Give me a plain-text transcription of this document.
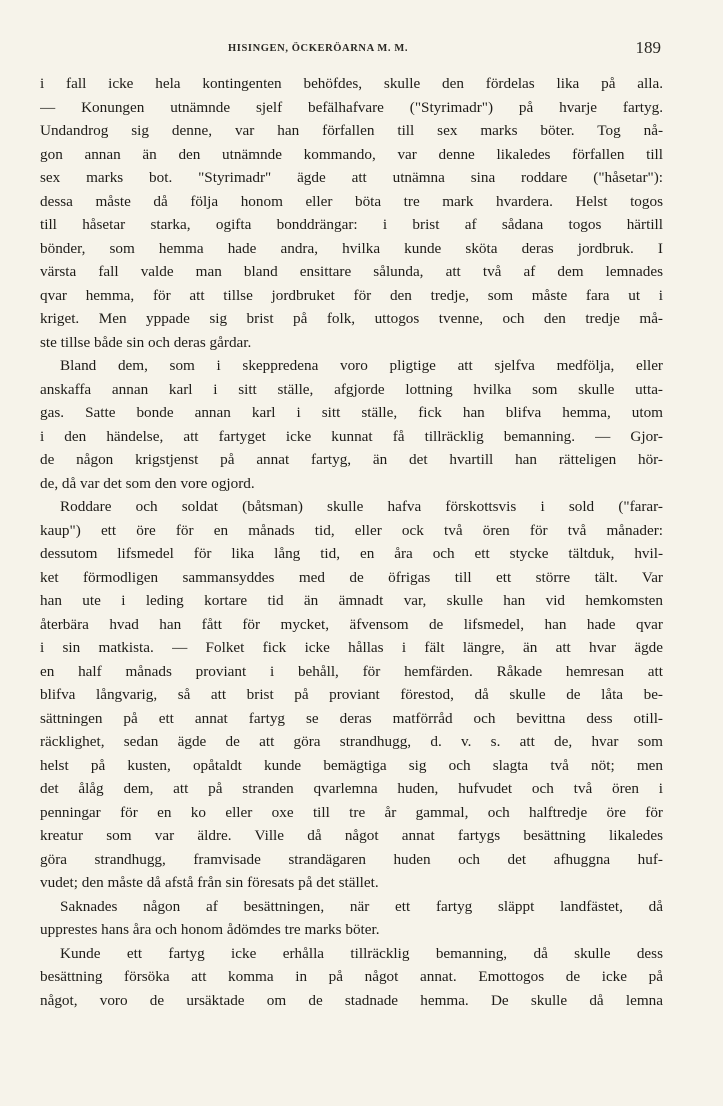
HISINGEN, ÖCKERÖARNA M. M.	189
i fall icke hela kontingenten behöfdes, skulle den fördelas lika på alla.
— Konungen utnämnde sjelf befälhafvare ("Styrimadr") på hvarje fartyg.
Undandrog sig denne, var han förfallen till sex marks böter. Tog nå-
gon annan än den utnämnde kommando, var denne likaledes förfallen till
sex marks bot. "Styrimadr" ägde att utnämna sina roddare ("håsetar"):
dessa måste då följa honom eller böta tre mark hvardera. Helst togos
till håsetar starka, ogifta bonddrängar: i brist af sådana togos härtill
bönder, som hemma hade andra, hvilka kunde sköta deras jordbruk. I
värsta fall valde man bland ensittare sålunda, att två af dem lemnades
qvar hemma, för att tillse jordbruket för den tredje, som måste fara ut i
kriget. Men yppade sig brist på folk, uttogos tvenne, och den tredje må-
ste tillse både sin och deras gårdar.
Bland dem, som i skeppredena voro pligtige att sjelfva medfölja, eller
anskaffa annan karl i sitt ställe, afgjorde lottning hvilka som skulle utta-
gas. Satte bonde annan karl i sitt ställe, fick han blifva hemma, utom
i den händelse, att fartyget icke kunnat få tillräcklig bemanning. — Gjor-
de någon krigstjenst på annat fartyg, än det hvartill han rätteligen hör-
de, då var det som den vore ogjord.
Roddare och soldat (båtsman) skulle hafva förskottsvis i sold ("farar-
kaup") ett öre för en månads tid, eller ock två ören för två månader:
dessutom lifsmedel för lika lång tid, en åra och ett stycke tältduk, hvil-
ket förmodligen sammansyddes med de öfrigas till ett större tält. Var
han ute i leding kortare tid än ämnadt var, skulle han vid hemkomsten
återbära hvad han fått för mycket, äfvensom de lifsmedel, han hade qvar
i sin matkista. — Folket fick icke hållas i fält längre, än att hvar ägde
en half månads proviant i behåll, för hemfärden. Råkade hemresan att
blifva långvarig, så att brist på proviant förestod, då skulle de låta be-
sättningen på ett annat fartyg se deras matförråd och bevittna dess otill-
räcklighet, sedan ägde de att göra strandhugg, d. v. s. att de, hvar som
helst på kusten, opåtaldt kunde bemägtiga sig och slagta två nöt; men
det ålåg dem, att på stranden qvarlemna huden, hufvudet och två ören i
penningar för en ko eller oxe till tre år gammal, och halftredje öre för
kreatur som var äldre. Ville då något annat fartygs besättning likaledes
göra strandhugg, framvisade strandägaren huden och det afhuggna huf-
vudet; den måste då afstå från sin föresats på det stället.
Saknades någon af besättningen, när ett fartyg släppt landfästet, då
upprestes hans åra och honom ådömdes tre marks böter.
Kunde ett fartyg icke erhålla tillräcklig bemanning, då skulle dess
besättning försöka att komma in på något annat. Emottogos de icke på
något, voro de ursäktade om de stadnade hemma. De skulle då lemna
